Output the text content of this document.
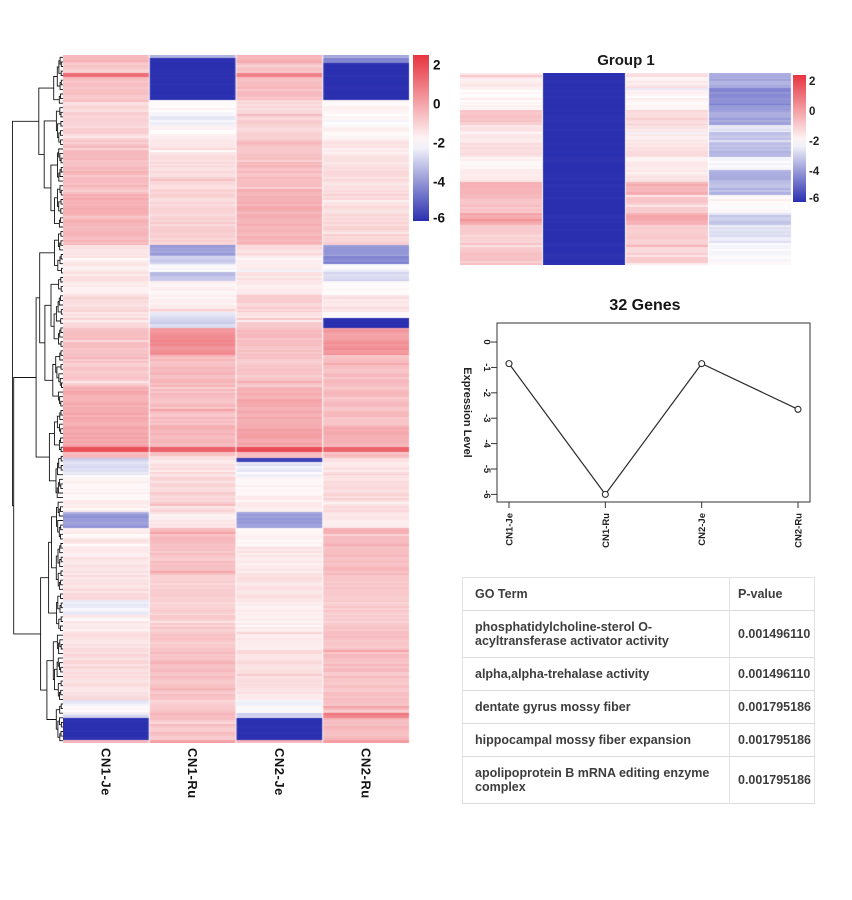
CN1-Je	CN1-Ru	CN2-Je	CN2-Ru
2
0
-2
-4
-6
Group 1
2
0
-2
-4
-6
32 Genes
0
-1
-2
-3
-4
-5
-6
Expression Level
CN1-Je	CN1-Ru	CN2-Je	CN2-Ru
GO Term	P-value
phosphatidylcholine-sterol O-acyltransferase activator activity	0.001496110
alpha,alpha-trehalase activity	0.001496110
dentate gyrus mossy fiber	0.001795186
hippocampal mossy fiber expansion	0.001795186
apolipoprotein B mRNA editing enzyme complex	0.001795186
